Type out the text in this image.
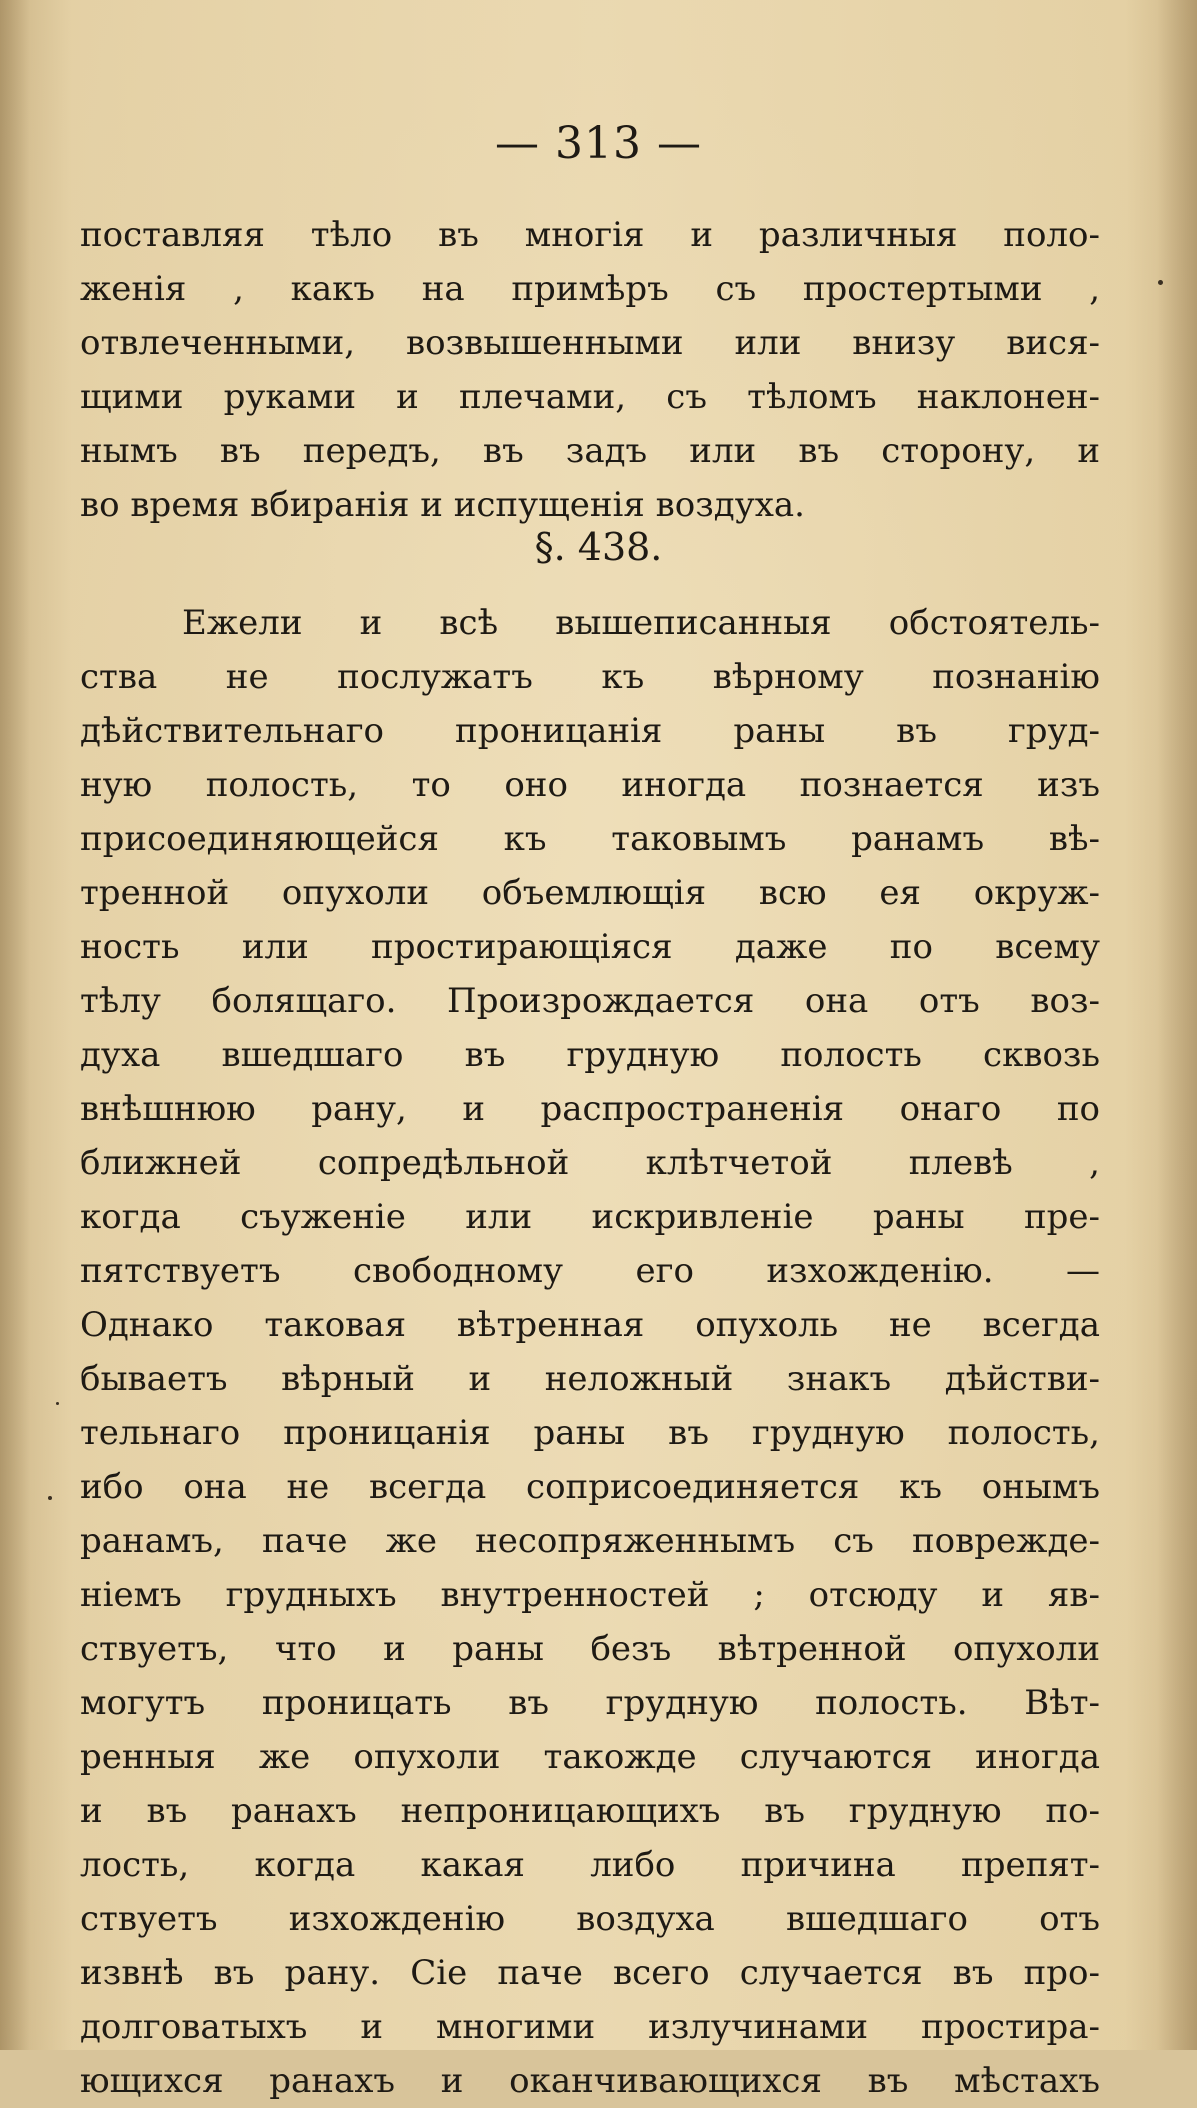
— 313 —
поставляя тѣло въ многія и различныя поло-
женія , какъ на примѣръ съ простертыми ,
отвлеченными, возвышенными или внизу вися-
щими руками и плечами, съ тѣломъ наклонен-
нымъ въ передъ, въ задъ или въ сторону, и
во время вбиранія и испущенія воздуха.
§. 438.
Ежели и всѣ вышеписанныя обстоятель-
ства не послужатъ къ вѣрному познанію
дѣйствительнаго проницанія раны въ груд-
ную полость, то оно иногда познается изъ
присоединяющейся къ таковымъ ранамъ вѣ-
тренной опухоли объемлющія всю ея окруж-
ность или простирающіяся даже по всему
тѣлу болящаго. Произрождается она отъ воз-
духа вшедшаго въ грудную полость сквозь
внѣшнюю рану, и распространенія онаго по
ближней сопредѣльной клѣтчетой плевѣ ,
когда съуженіе или искривленіе раны пре-
пятствуетъ свободному его изхожденію. —
Однако таковая вѣтренная опухоль не всегда
бываетъ вѣрный и неложный знакъ дѣйстви-
тельнаго проницанія раны въ грудную полость,
ибо она не всегда соприсоединяется къ онымъ
ранамъ, паче же несопряженнымъ съ поврежде-
ніемъ грудныхъ внутренностей ; отсюду и яв-
ствуетъ, что и раны безъ вѣтренной опухоли
могутъ проницать въ грудную полость. Вѣт-
ренныя же опухоли такожде случаются иногда
и въ ранахъ непроницающихъ въ грудную по-
лость, когда какая либо причина препят-
ствуетъ изхожденію воздуха вшедшаго отъ
извнѣ въ рану. Сіе паче всего случается въ про-
долговатыхъ и многими излучинами простира-
ющихся ранахъ и оканчивающихся въ мѣстахъ
